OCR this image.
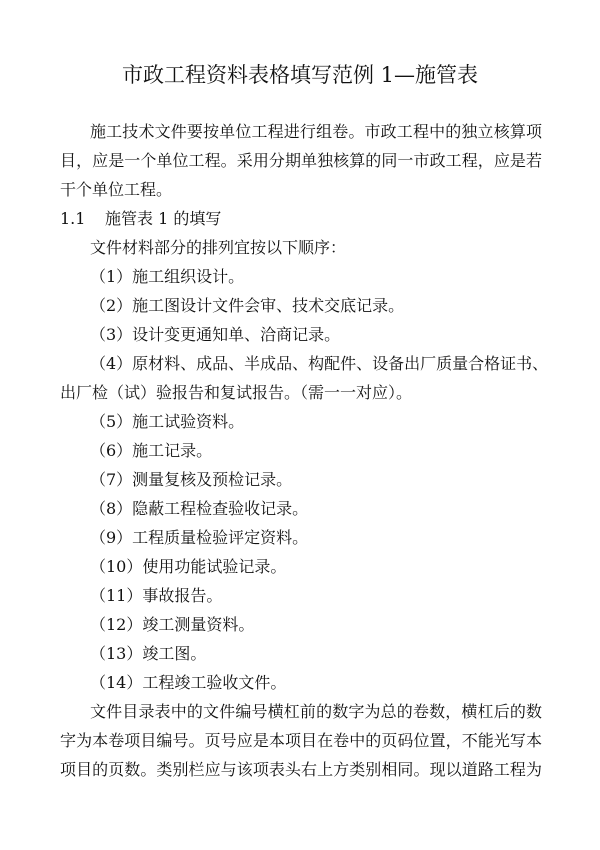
市政工程资料表格填写范例 1—施管表
施工技术文件要按单位工程进行组卷。市政工程中的独立核算项
目，应是一个单位工程。采用分期单独核算的同一市政工程，应是若
干个单位工程。
1.1 施管表 1 的填写
文件材料部分的排列宜按以下顺序：
（1）施工组织设计。
（2）施工图设计文件会审、技术交底记录。
（3）设计变更通知单、洽商记录。
（4）原材料、成品、半成品、构配件、设备出厂质量合格证书、
出厂检（试）验报告和复试报告。（需一一对应）。
（5）施工试验资料。
（6）施工记录。
（7）测量复核及预检记录。
（8）隐蔽工程检查验收记录。
（9）工程质量检验评定资料。
（10）使用功能试验记录。
（11）事故报告。
（12）竣工测量资料。
（13）竣工图。
（14）工程竣工验收文件。
文件目录表中的文件编号横杠前的数字为总的卷数，横杠后的数
字为本卷项目编号。页号应是本项目在卷中的页码位置，不能光写本
项目的页数。类别栏应与该项表头右上方类别相同。现以道路工程为
